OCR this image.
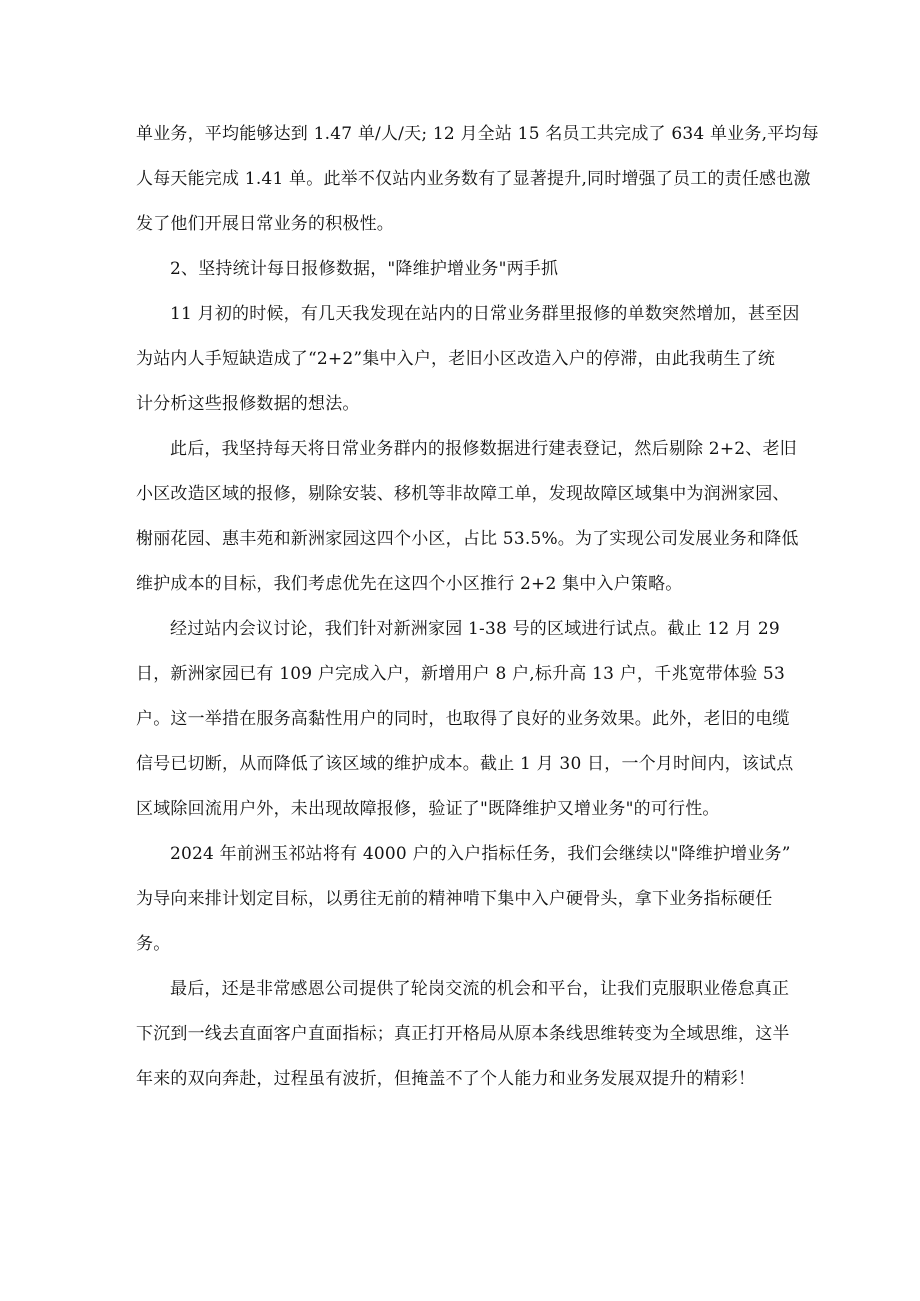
单业务，平均能够达到 1.47 单/人/天; 12 月全站 15 名员工共完成了 634 单业务,平均每
人每天能完成 1.41 单。此举不仅站内业务数有了显著提升,同时增强了员工的责任感也激
发了他们开展日常业务的积极性。
2、坚持统计每日报修数据，"降维护增业务"两手抓
11 月初的时候，有几天我发现在站内的日常业务群里报修的单数突然增加，甚至因
为站内人手短缺造成了“2+2”集中入户，老旧小区改造入户的停滞，由此我萌生了统
计分析这些报修数据的想法。
此后，我坚持每天将日常业务群内的报修数据进行建表登记，然后剔除 2+2、老旧
小区改造区域的报修，剔除安装、移机等非故障工单，发现故障区域集中为润洲家园、
榭丽花园、惠丰苑和新洲家园这四个小区，占比 53.5%。为了实现公司发展业务和降低
维护成本的目标，我们考虑优先在这四个小区推行 2+2 集中入户策略。
经过站内会议讨论，我们针对新洲家园 1-38 号的区域进行试点。截止 12 月 29
日，新洲家园已有 109 户完成入户，新增用户 8 户,标升高 13 户，千兆宽带体验 53
户。这一举措在服务高黏性用户的同时，也取得了良好的业务效果。此外，老旧的电缆
信号已切断，从而降低了该区域的维护成本。截止 1 月 30 日，一个月时间内，该试点
区域除回流用户外，未出现故障报修，验证了"既降维护又增业务"的可行性。
2024 年前洲玉祁站将有 4000 户的入户指标任务，我们会继续以"降维护增业务”
为导向来排计划定目标，以勇往无前的精神啃下集中入户硬骨头，拿下业务指标硬任
务。
最后，还是非常感恩公司提供了轮岗交流的机会和平台，让我们克服职业倦怠真正
下沉到一线去直面客户直面指标；真正打开格局从原本条线思维转变为全域思维，这半
年来的双向奔赴，过程虽有波折，但掩盖不了个人能力和业务发展双提升的精彩！
